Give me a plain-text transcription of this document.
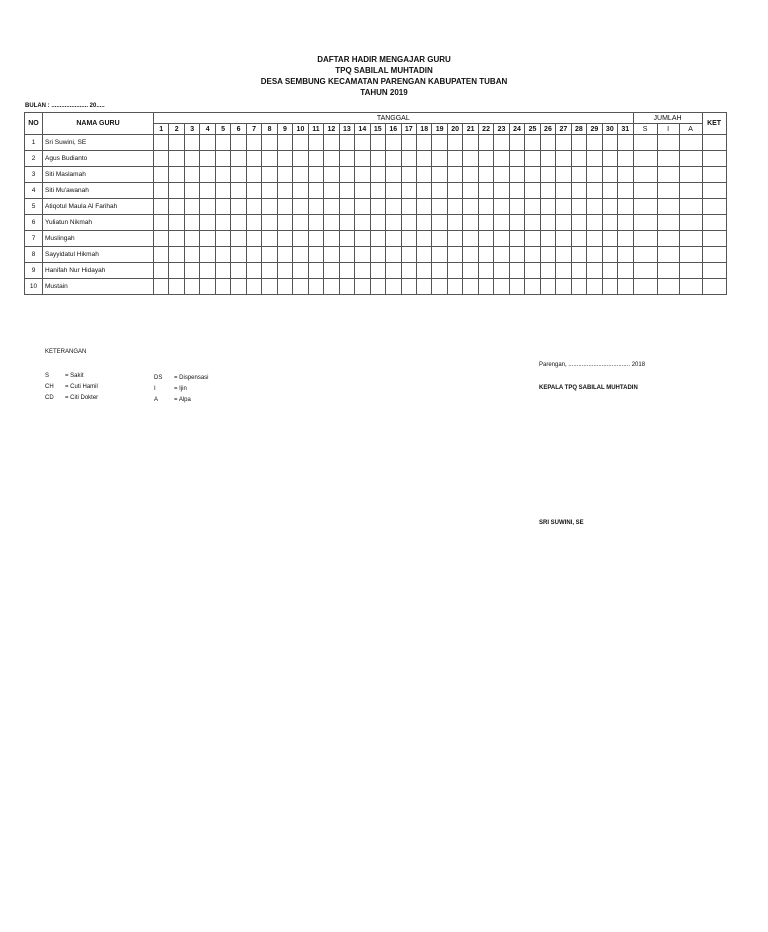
DAFTAR HADIR MENGAJAR GURU
TPQ SABILAL MUHTADIN
DESA SEMBUNG KECAMATAN PARENGAN KABUPATEN TUBAN
TAHUN 2019
BULAN : ...................... 20.....
NO	NAMA GURU	TANGGAL																															JUMLAH			KET
		1	2	3	4	5	6	7	8	9	10	11	12	13	14	15	16	17	18	19	20	21	22	23	24	25	26	27	28	29	30	31	S	I	A	
1	Sri Suwini, SE																																			
2	Agus Budianto																																			
3	Siti Maslamah																																			
4	Siti Mu'awanah																																			
5	Atiqotul Maula Al Farihah																																			
6	Yuliatun Nikmah																																			
7	Muslingah																																			
8	Sayyidatul Hikmah																																			
9	Hanifah Nur Hidayah																																			
10	Mustain																																			
KETERANGAN
S	= Sakit
CH = Cuti Hamil
CD = Citi Dokter
DS = Dispensasi
I	= Ijin
A	= Alpa
Parengan, ..................................... 2018
KEPALA TPQ SABILAL MUHTADIN
SRI SUWINI, SE
